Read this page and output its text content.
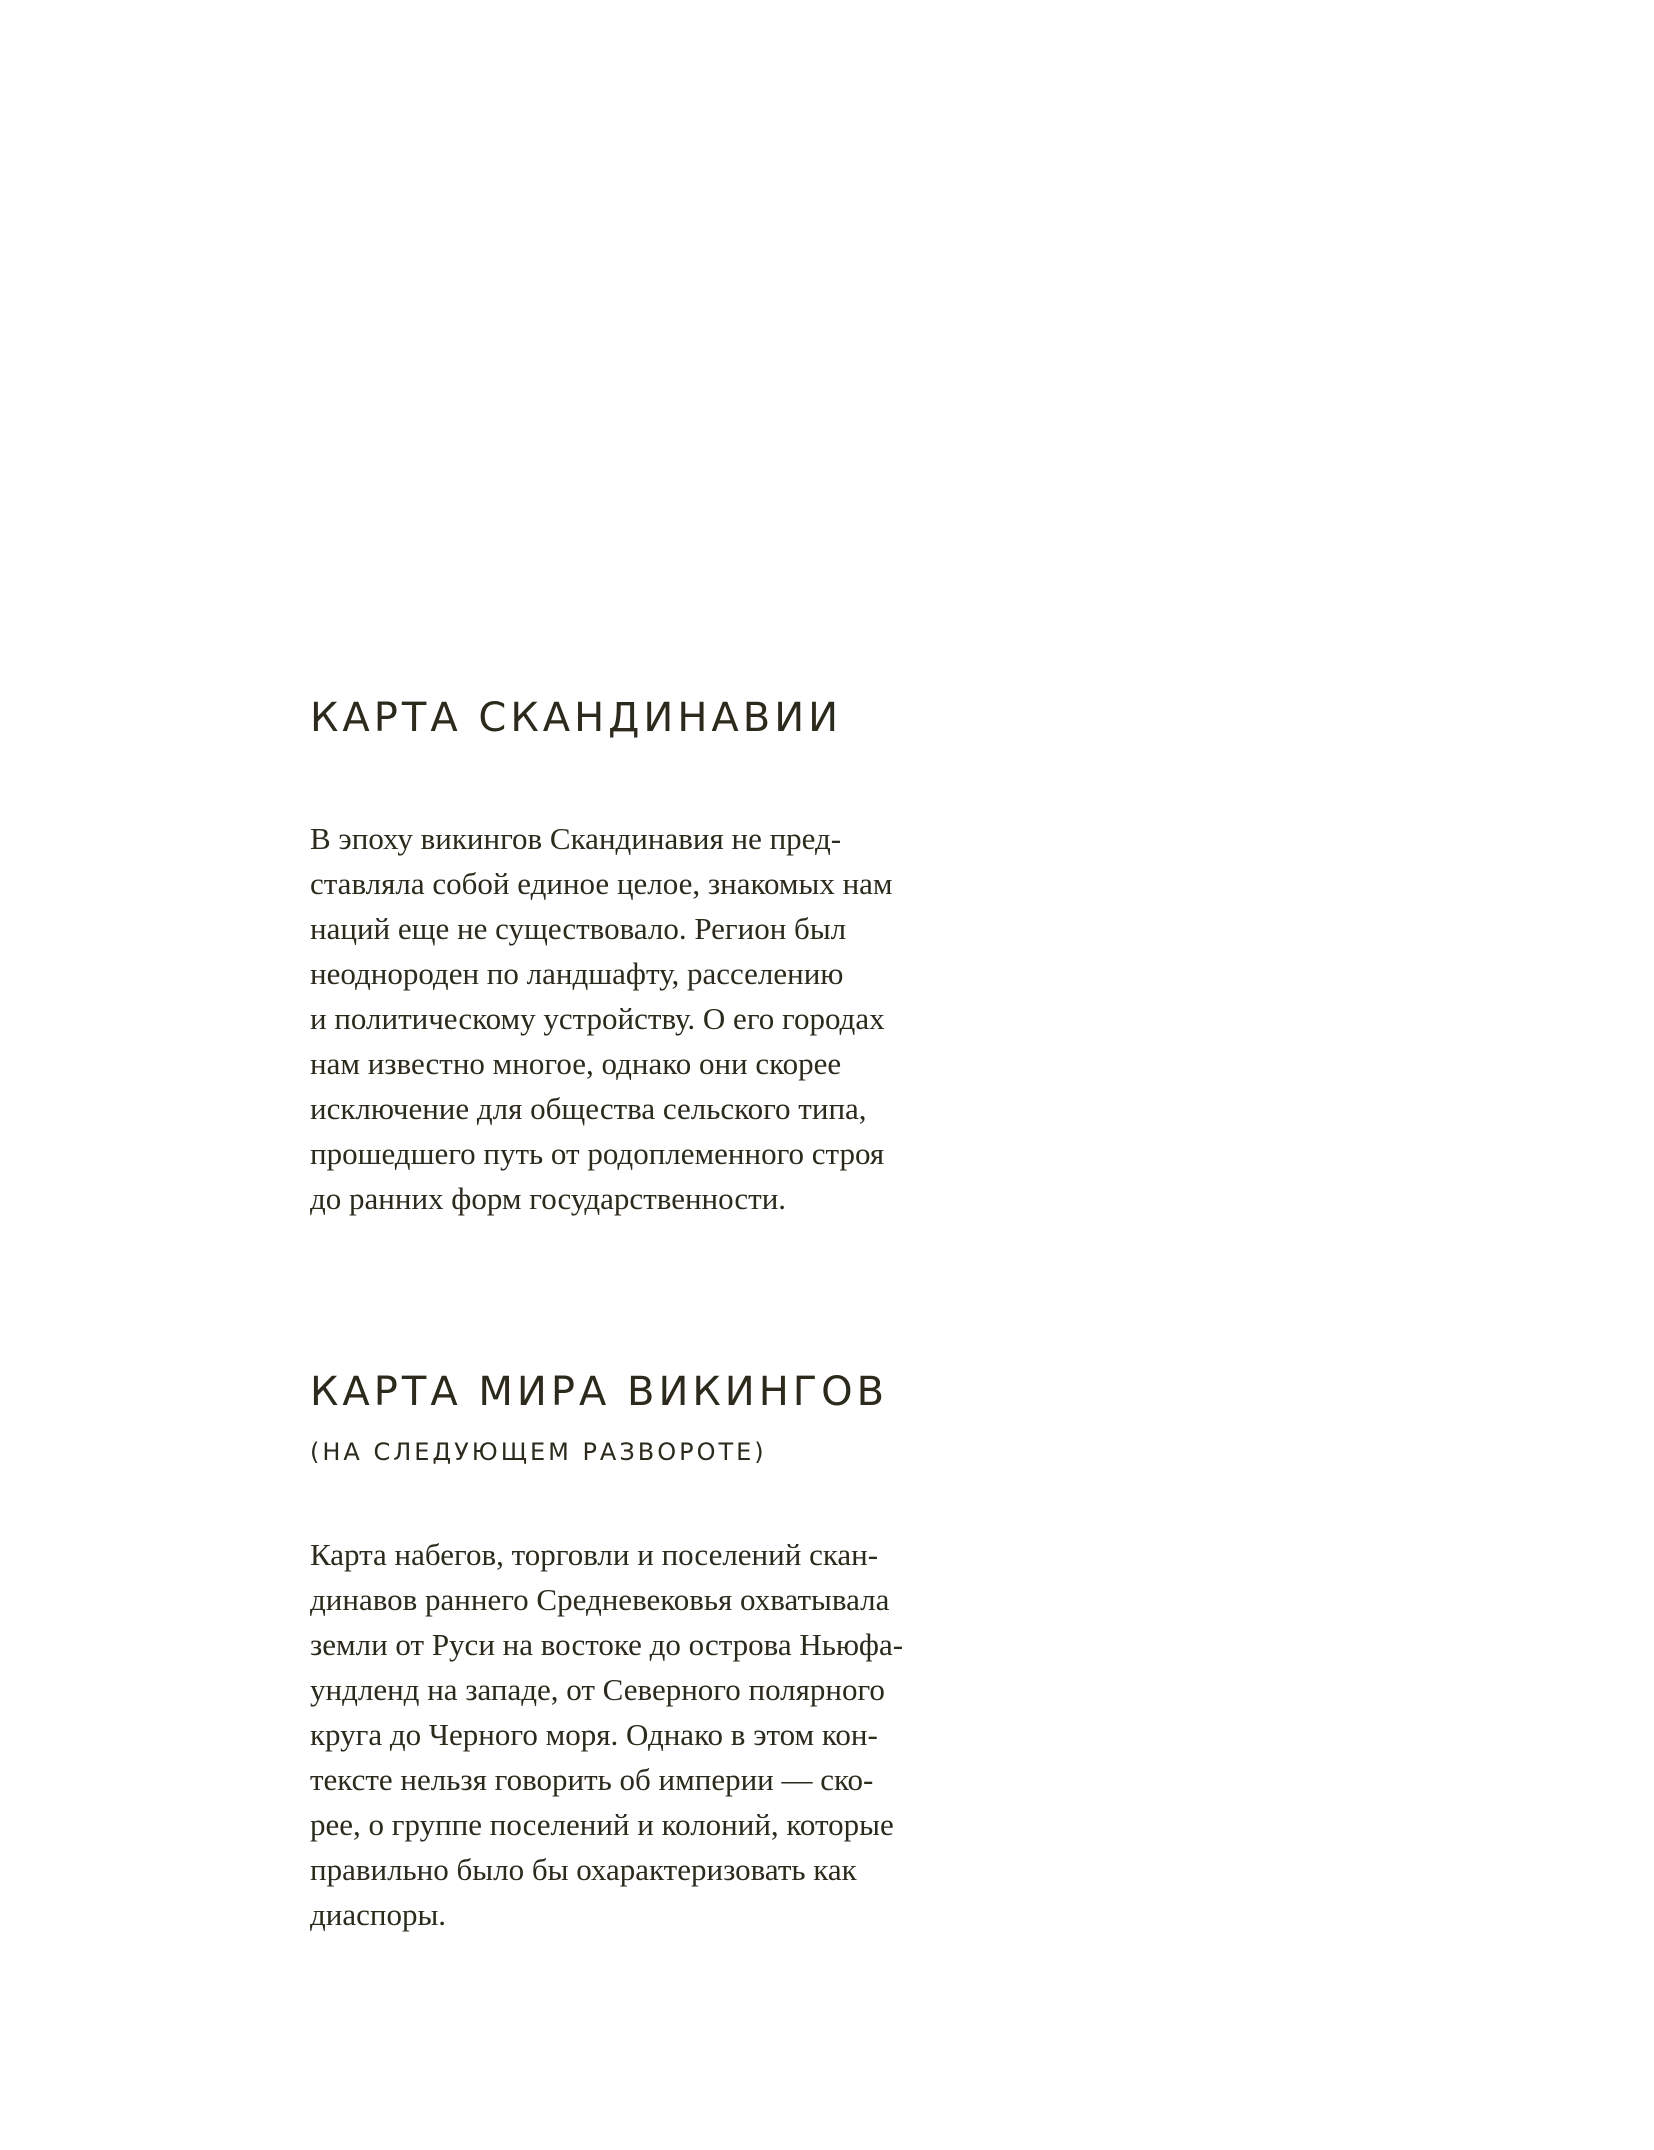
КАРТА СКАНДИНАВИИ
В эпоху викингов Скандинавия не пред-
ставляла собой единое целое, знакомых нам
наций еще не существовало. Регион был
неоднороден по ландшафту, расселению
и политическому устройству. О его городах
нам известно многое, однако они скорее
исключение для общества сельского типа,
прошедшего путь от родоплеменного строя
до ранних форм государственности.
КАРТА МИРА ВИКИНГОВ
(НА СЛЕДУЮЩЕМ РАЗВОРОТЕ)
Карта набегов, торговли и поселений скан-
динавов раннего Средневековья охватывала
земли от Руси на востоке до острова Ньюфа-
ундленд на западе, от Северного полярного
круга до Черного моря. Однако в этом кон-
тексте нельзя говорить об империи — ско-
рее, о группе поселений и колоний, которые
правильно было бы охарактеризовать как
диаспоры.
